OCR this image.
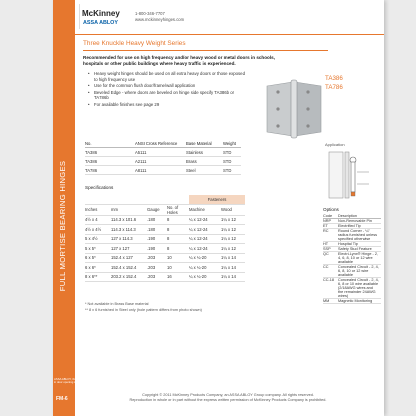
FULL MORTISE BEARING HINGES
FM-6
McKinney
ASSA ABLOY
1-800-346-7707
www.mckinneyhinges.com
Three Knuckle Heavy Weight Series

Recommended for use on high frequency and/or heavy wood or metal doors in schools, hospitals or other public buildings where heavy traffic is experienced.

• Heavy weight hinges should be used on all extra heavy doors or those exposed to high frequency use
• Use for the common flush door/frame/wall application
• Beveled Edge - where doors are beveled on hinge side specify TA386b or TA786b
• For available finishes see page 29
TA386
TA786
No.	ANSI Cross Reference	Base Material	Weight
TA386	A5111	Stainless	STD
TA386	A2111	Brass	STD
TA786	A8111	Steel	STD
Specifications
				Fasteners	
Inches	mm	Gauge	No. of Holes	Machine	Wood
4½ x 4	114.3 x 101.6	.180	8	¼ x 12-24	1¼ x 12
4½ x 4½	114.3 x 114.3	.180	8	¼ x 12-24	1¼ x 12
5 x 4½	127 x 114.3	.190	8	¼ x 12-24	1¼ x 12
5 x 5*	127 x 127	.190	8	¼ x 12-24	1¼ x 12
6 x 5*	152.4 x 127	.203	10	¼ x ¼-20	1¼ x 14
6 x 6*	152.4 x 152.4	.203	10	¼ x ¼-20	1¼ x 14
8 x 6**	203.2 x 152.4	.203	16	¼ x ¼-20	1¼ x 14
* Not available in Brass Base material
** 8 x 6 furnished in Steel only (hole pattern differs from photo shown)
Application
Options
Code	Description
NRP	Non-Removable Pin
ET	Electrified Tip
RC	Round Corner - ¼” radius furnished unless specified otherwise
HT	Hospital Tip
SSP	Safety Stud Feature
QC	Electri-Lynx® Hinge - 2, 4, 6, 8, 10 or 12 wire available
CC	Concealed Circuit - 2, 4, 6, 8, 10 or 12 wire available
CC-18	Concealed Circuit - 2, 4, 6, 8 or 10 wire available (2/18AWG wires and the remainder 24AWG wires)
MM	Magnetic Monitoring
Copyright © 2011 McKinney Products Company, an ASSA ABLOY Group company. All rights reserved.
Reproduction in whole or in part without the express written permission of McKinney Products Company is prohibited.
ASSA ABLOY, the global leader in door opening solutions
